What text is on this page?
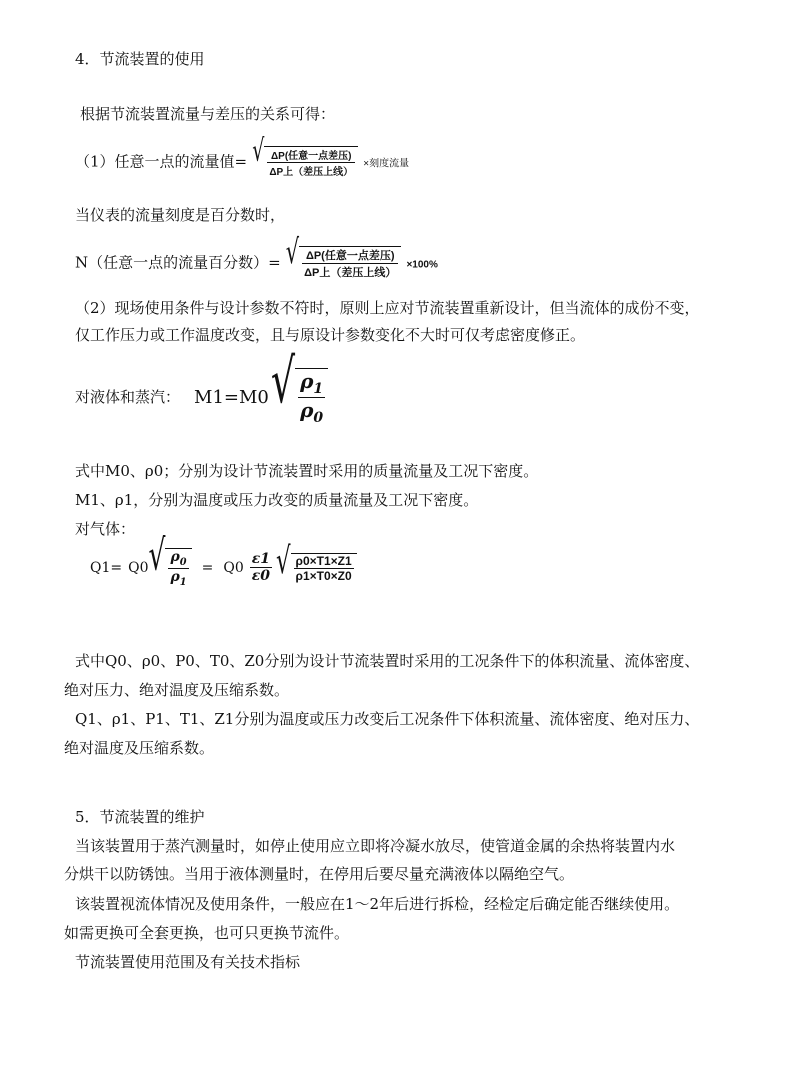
4．节流装置的使用
根据节流装置流量与差压的关系可得：
（1）任意一点的流量值= √ $\frac{\text{ΔP(任意一点差压)}}{\text{ΔP上（差压上线）}}$ ×刻度流量
当仪表的流量刻度是百分数时，
N（任意一点的流量百分数）= √ $\frac{\text{ΔP(任意一点差压)}}{\text{ΔP上（差压上线）}} \times 100\%$
（2）现场使用条件与设计参数不符时，原则上应对节流装置重新设计，但当流体的成份不变，
仅工作压力或工作温度改变，且与原设计参数变化不大时可仅考虑密度修正。
对液体和蒸汽： M1=M0 √ $\frac{\rho_1}{\rho_0}$
式中M0、ρ0；分别为设计节流装置时采用的质量流量及工况下密度。
M1、ρ1，分别为温度或压力改变的质量流量及工况下密度。
对气体：
Q1= Q0 √ $\frac{\rho_0}{\rho_1} = Q0 \frac{\varepsilon 1}{\varepsilon 0}$ √ $\frac{\rho 0\times T1\times Z1}{\rho 1\times T0\times Z0}$
式中Q0、ρ0、P0、T0、Z0分别为设计节流装置时采用的工况条件下的体积流量、流体密度、
绝对压力、绝对温度及压缩系数。
Q1、ρ1、P1、T1、Z1分别为温度或压力改变后工况条件下体积流量、流体密度、绝对压力、
绝对温度及压缩系数。
5．节流装置的维护
当该装置用于蒸汽测量时，如停止使用应立即将冷凝水放尽，使管道金属的余热将装置内水
分烘干以防锈蚀。当用于液体测量时，在停用后要尽量充满液体以隔绝空气。
该装置视流体情况及使用条件，一般应在1～2年后进行拆检，经检定后确定能否继续使用。
如需更换可全套更换，也可只更换节流件。
节流装置使用范围及有关技术指标
